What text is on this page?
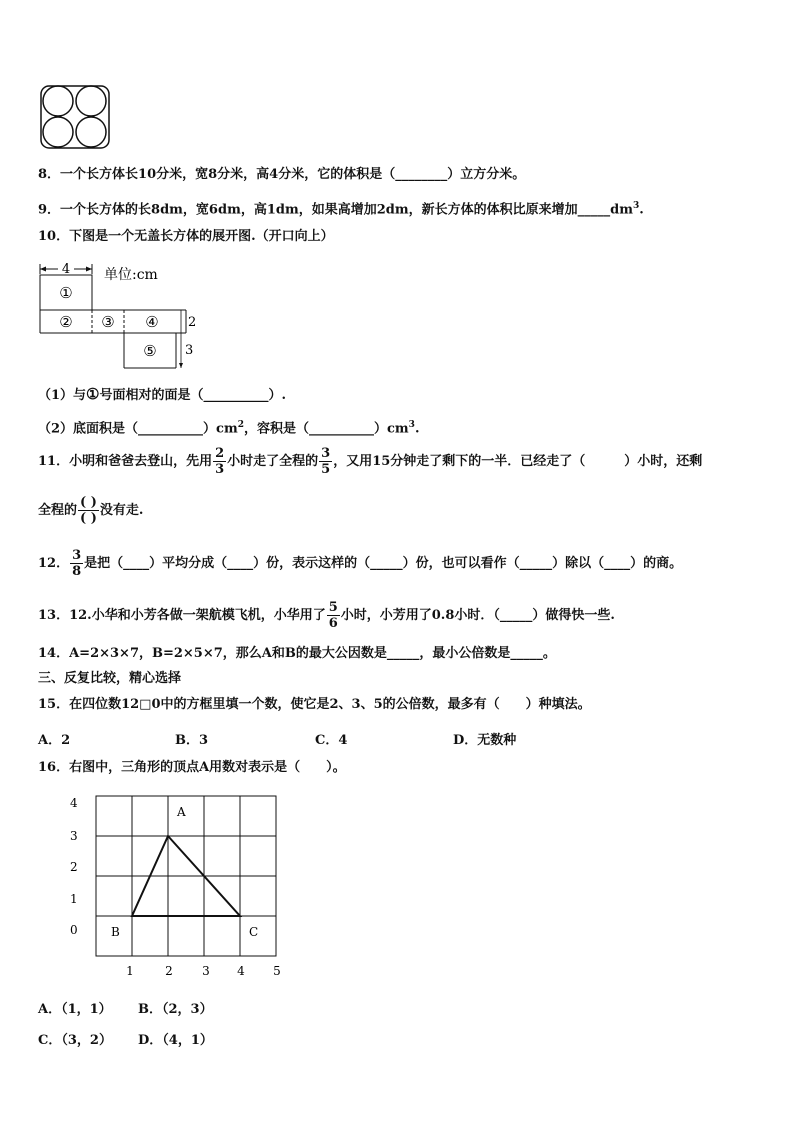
8．一个长方体长10分米，宽8分米，高4分米，它的体积是（________）立方分米。
9．一个长方体的长8dm，宽6dm，高1dm，如果高增加2dm，新长方体的体积比原来增加$\_\_\_\_\_dm^3$.
10．下图是一个无盖长方体的展开图.（开口向上）
4 单位:cm
①
② ③ ④
⑤
2
3
（1）与①号面相对的面是（__________）.
（2）底面积是$(\_\_\_\_\_\_\_\_\_\_)cm^2$，容积是$(\_\_\_\_\_\_\_\_\_\_)cm^3$.
11．小明和爸爸去登山，先用 $\frac{2}{3}$ 小时走了全程的 $\frac{3}{5}$ ，又用15分钟走了剩下的一半．已经走了（　　　）小时，还剩
全程的 $\frac{( )}{( )}$ 没有走.
12． $\frac{3}{8}$ 是把（____）平均分成（____）份，表示这样的（_____）份，也可以看作（_____）除以（____）的商。
13．12.小华和小芳各做一架航模飞机，小华用了 $\frac{5}{6}$ 小时，小芳用了0.8小时．（_____）做得快一些.
14．A=2×3×7，B=2×5×7，那么A和B的最大公因数是_____，最小公倍数是_____。
三、反复比较，精心选择
15．在四位数12□0中的方框里填一个数，使它是2、3、5的公倍数，最多有（　　）种填法。
A．2	B．3	C．4	D．无数种
16．右图中，三角形的顶点A用数对表示是（　　）。
4
3
2
1
0
1	2 3 4 5
A
B	C
A．（1，1） B．（2，3）
C．（3，2） D．（4，1）
